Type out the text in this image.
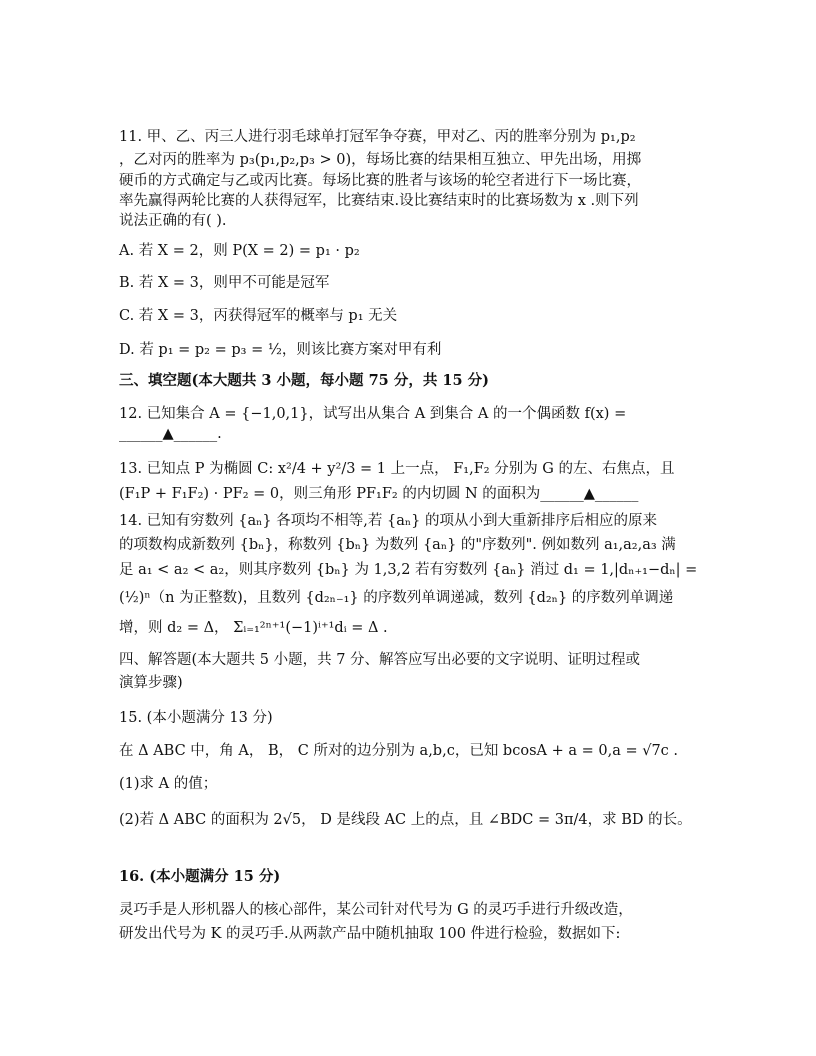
11. 甲、乙、丙三人进行羽毛球单打冠军争夺赛，甲对乙、丙的胜率分别为 p₁,p₂
，乙对丙的胜率为 p₃(p₁,p₂,p₃ > 0)，每场比赛的结果相互独立、甲先出场，用掷
硬币的方式确定与乙或丙比赛。每场比赛的胜者与该场的轮空者进行下一场比赛，
率先赢得两轮比赛的人获得冠军，比赛结束.设比赛结束时的比赛场数为 x .则下列
说法正确的有( ).
A. 若 X = 2，则 P(X = 2) = p₁ · p₂
B. 若 X = 3，则甲不可能是冠军
C. 若 X = 3，丙获得冠军的概率与 p₁ 无关
D. 若 p₁ = p₂ = p₃ = ½，则该比赛方案对甲有利
三、填空题(本大题共 3 小题，每小题 75 分，共 15 分)
12. 已知集合 A = {−1,0,1}，试写出从集合 A 到集合 A 的一个偶函数 f(x) =
______▲______.
13. 已知点 P 为椭圆 C: x²/4 + y²/3 = 1 上一点， F₁,F₂ 分别为 G 的左、右焦点，且
(F₁P + F₁F₂) · PF₂ = 0，则三角形 PF₁F₂ 的内切圆 N 的面积为______▲______
14. 已知有穷数列 {aₙ} 各项均不相等,若 {aₙ} 的项从小到大重新排序后相应的原来
的项数构成新数列 {bₙ}，称数列 {bₙ} 为数列 {aₙ} 的"序数列". 例如数列 a₁,a₂,a₃ 满
足 a₁ < a₂ < a₂，则其序数列 {bₙ} 为 1,3,2 若有穷数列 {aₙ} 消过 d₁ = 1,|dₙ₊₁−dₙ| =
(½)ⁿ（n 为正整数)，且数列 {d₂ₙ₋₁} 的序数列单调递减，数列 {d₂ₙ} 的序数列单调递
增，则 d₂ = Δ， Σᵢ₌₁²ⁿ⁺¹(−1)ⁱ⁺¹dᵢ = Δ .
四、解答题(本大题共 5 小题，共 7 分、解答应写出必要的文字说明、证明过程或
演算步骤)
15. (本小题满分 13 分)
在 Δ ABC 中，角 A， B， C 所对的边分别为 a,b,c，已知 bcosA + a = 0,a = √7c .
(1)求 A 的值；
(2)若 Δ ABC 的面积为 2√5， D 是线段 AC 上的点，且 ∠BDC = 3π/4，求 BD 的长。
16. (本小题满分 15 分)
灵巧手是人形机器人的核心部件，某公司针对代号为 G 的灵巧手进行升级改造，
研发出代号为 K 的灵巧手.从两款产品中随机抽取 100 件进行检验，数据如下:
